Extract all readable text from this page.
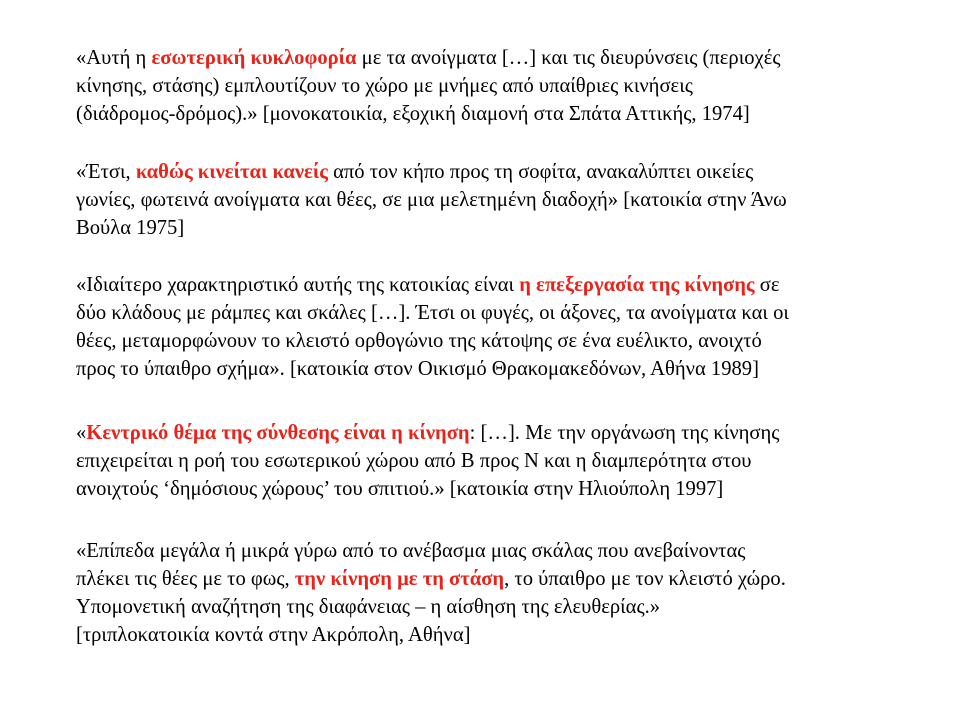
«Αυτή η εσωτερική κυκλοφορία με τα ανοίγματα […] και τις διευρύνσεις (περιοχές
κίνησης, στάσης) εμπλουτίζουν το χώρο με μνήμες από υπαίθριες κινήσεις
(διάδρομος-δρόμος).» [μονοκατοικία, εξοχική διαμονή στα Σπάτα Αττικής, 1974]

«Έτσι, καθώς κινείται κανείς από τον κήπο προς τη σοφίτα, ανακαλύπτει οικείες
γωνίες, φωτεινά ανοίγματα και θέες, σε μια μελετημένη διαδοχή» [κατοικία στην Άνω
Βούλα 1975]

«Ιδιαίτερο χαρακτηριστικό αυτής της κατοικίας είναι η επεξεργασία της κίνησης σε
δύο κλάδους με ράμπες και σκάλες […]. Έτσι οι φυγές, οι άξονες, τα ανοίγματα και οι
θέες, μεταμορφώνουν το κλειστό ορθογώνιο της κάτοψης σε ένα ευέλικτο, ανοιχτό
προς το ύπαιθρο σχήμα». [κατοικία στον Οικισμό Θρακομακεδόνων, Αθήνα 1989]

«Κεντρικό θέμα της σύνθεσης είναι η κίνηση: […]. Με την οργάνωση της κίνησης
επιχειρείται η ροή του εσωτερικού χώρου από Β προς Ν και η διαμπερότητα στου
ανοιχτούς ‘δημόσιους χώρους’ του σπιτιού.» [κατοικία στην Ηλιούπολη 1997]

«Επίπεδα μεγάλα ή μικρά γύρω από το ανέβασμα μιας σκάλας που ανεβαίνοντας
πλέκει τις θέες με το φως, την κίνηση με τη στάση, το ύπαιθρο με τον κλειστό χώρο.
Υπομονετική αναζήτηση της διαφάνειας – η αίσθηση της ελευθερίας.»
[τριπλοκατοικία κοντά στην Ακρόπολη, Αθήνα]
